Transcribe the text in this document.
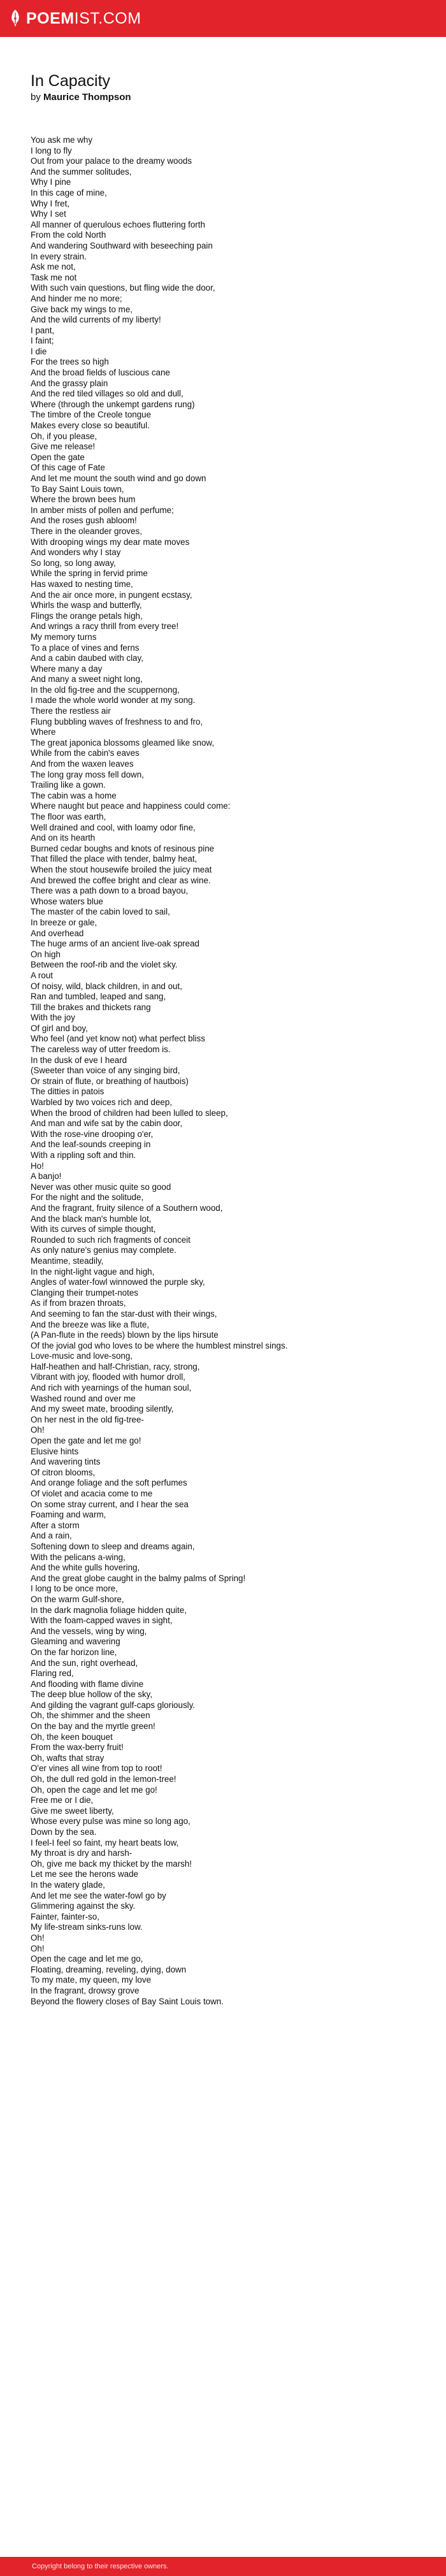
POEMIST.COM
In Capacity
by Maurice Thompson
You ask me why
I long to fly
Out from your palace to the dreamy woods
And the summer solitudes,
Why I pine
In this cage of mine,
Why I fret,
Why I set
All manner of querulous echoes fluttering forth
From the cold North
And wandering Southward with beseeching pain
In every strain.
Ask me not,
Task me not
With such vain questions, but fling wide the door,
And hinder me no more;
Give back my wings to me,
And the wild currents of my liberty!
I pant,
I faint;
I die
For the trees so high
And the broad fields of luscious cane
And the grassy plain
And the red tiled villages so old and dull,
Where (through the unkempt gardens rung)
The timbre of the Creole tongue
Makes every close so beautiful.
Oh, if you please,
Give me release!
Open the gate
Of this cage of Fate
And let me mount the south wind and go down
To Bay Saint Louis town,
Where the brown bees hum
In amber mists of pollen and perfume;
And the roses gush abloom!
There in the oleander groves,
With drooping wings my dear mate moves
And wonders why I stay
So long, so long away,
While the spring in fervid prime
Has waxed to nesting time,
And the air once more, in pungent ecstasy,
Whirls the wasp and butterfly,
Flings the orange petals high,
And wrings a racy thrill from every tree!
My memory turns
To a place of vines and ferns
And a cabin daubed with clay,
Where many a day
And many a sweet night long,
In the old fig-tree and the scuppernong,
I made the whole world wonder at my song.
There the restless air
Flung bubbling waves of freshness to and fro,
Where
The great japonica blossoms gleamed like snow,
While from the cabin's eaves
And from the waxen leaves
The long gray moss fell down,
Trailing like a gown.
The cabin was a home
Where naught but peace and happiness could come:
The floor was earth,
Well drained and cool, with loamy odor fine,
And on its hearth
Burned cedar boughs and knots of resinous pine
That filled the place with tender, balmy heat,
When the stout housewife broiled the juicy meat
And brewed the coffee bright and clear as wine.
There was a path down to a broad bayou,
Whose waters blue
The master of the cabin loved to sail,
In breeze or gale,
And overhead
The huge arms of an ancient live-oak spread
On high
Between the roof-rib and the violet sky.
A rout
Of noisy, wild, black children, in and out,
Ran and tumbled, leaped and sang,
Till the brakes and thickets rang
With the joy
Of girl and boy,
Who feel (and yet know not) what perfect bliss
The careless way of utter freedom is.
In the dusk of eve I heard
(Sweeter than voice of any singing bird,
Or strain of flute, or breathing of hautbois)
The ditties in patois
Warbled by two voices rich and deep,
When the brood of children had been lulled to sleep,
And man and wife sat by the cabin door,
With the rose-vine drooping o'er,
And the leaf-sounds creeping in
With a rippling soft and thin.
Ho!
A banjo!
Never was other music quite so good
For the night and the solitude,
And the fragrant, fruity silence of a Southern wood,
And the black man's humble lot,
With its curves of simple thought,
Rounded to such rich fragments of conceit
As only nature's genius may complete.
Meantime, steadily,
In the night-light vague and high,
Angles of water-fowl winnowed the purple sky,
Clanging their trumpet-notes
As if from brazen throats,
And seeming to fan the star-dust with their wings,
And the breeze was like a flute,
(A Pan-flute in the reeds) blown by the lips hirsute
Of the jovial god who loves to be where the humblest minstrel sings.
Love-music and love-song,
Half-heathen and half-Christian, racy, strong,
Vibrant with joy, flooded with humor droll,
And rich with yearnings of the human soul,
Washed round and over me
And my sweet mate, brooding silently,
On her nest in the old fig-tree-
Oh!
Open the gate and let me go!
Elusive hints
And wavering tints
Of citron blooms,
And orange foliage and the soft perfumes
Of violet and acacia come to me
On some stray current, and I hear the sea
Foaming and warm,
After a storm
And a rain,
Softening down to sleep and dreams again,
With the pelicans a-wing,
And the white gulls hovering,
And the great globe caught in the balmy palms of Spring!
I long to be once more,
On the warm Gulf-shore,
In the dark magnolia foliage hidden quite,
With the foam-capped waves in sight,
And the vessels, wing by wing,
Gleaming and wavering
On the far horizon line,
And the sun, right overhead,
Flaring red,
And flooding with flame divine
The deep blue hollow of the sky,
And gilding the vagrant gulf-caps gloriously.
Oh, the shimmer and the sheen
On the bay and the myrtle green!
Oh, the keen bouquet
From the wax-berry fruit!
Oh, wafts that stray
O'er vines all wine from top to root!
Oh, the dull red gold in the lemon-tree!
Oh, open the cage and let me go!
Free me or I die,
Give me sweet liberty,
Whose every pulse was mine so long ago,
Down by the sea.
I feel-I feel so faint, my heart beats low,
My throat is dry and harsh-
Oh, give me back my thicket by the marsh!
Let me see the herons wade
In the watery glade,
And let me see the water-fowl go by
Glimmering against the sky.
Fainter, fainter-so,
My life-stream sinks-runs low.
Oh!
Oh!
Open the cage and let me go,
Floating, dreaming, reveling, dying, down
To my mate, my queen, my love
In the fragrant, drowsy grove
Beyond the flowery closes of Bay Saint Louis town.
Copyright belong to their respective owners.
